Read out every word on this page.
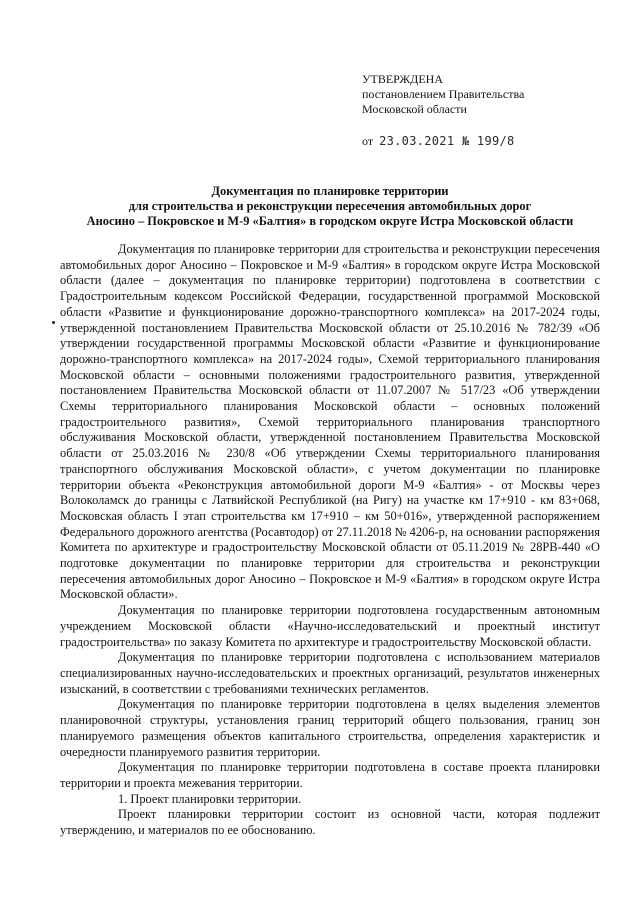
УТВЕРЖДЕНА
постановлением Правительства
Московской области
от 23.03.2021 № 199/8
Документация по планировке территории
для строительства и реконструкции пересечения автомобильных дорог
Аносино – Покровское и М-9 «Балтия» в городском округе Истра Московской области

Документация по планировке территории для строительства и реконструкции пересечения автомобильных дорог Аносино – Покровское и М-9 «Балтия» в городском округе Истра Московской области (далее – документация по планировке территории) подготовлена в соответствии с Градостроительным кодексом Российской Федерации, государственной программой Московской области «Развитие и функционирование дорожно-транспортного комплекса» на 2017-2024 годы, утвержденной постановлением Правительства Московской области от 25.10.2016 № 782/39 «Об утверждении государственной программы Московской области «Развитие и функционирование дорожно-транспортного комплекса» на 2017-2024 годы», Схемой территориального планирования Московской области – основными положениями градостроительного развития, утвержденной постановлением Правительства Московской области от 11.07.2007 № 517/23 «Об утверждении Схемы территориального планирования Московской области – основных положений градостроительного развития», Схемой территориального планирования транспортного обслуживания Московской области, утвержденной постановлением Правительства Московской области от 25.03.2016 № 230/8 «Об утверждении Схемы территориального планирования транспортного обслуживания Московской области», с учетом документации по планировке территории объекта «Реконструкция автомобильной дороги М-9 «Балтия» - от Москвы через Волоколамск до границы с Латвийской Республикой (на Ригу) на участке км 17+910 - км 83+068, Московская область I этап строительства км 17+910 – км 50+016», утвержденной распоряжением Федерального дорожного агентства (Росавтодор) от 27.11.2018 № 4206-р, на основании распоряжения Комитета по архитектуре и градостроительству Московской области от 05.11.2019 № 28РВ-440 «О подготовке документации по планировке территории для строительства и реконструкции пересечения автомобильных дорог Аносино – Покровское и М-9 «Балтия» в городском округе Истра Московской области».

Документация по планировке территории подготовлена государственным автономным учреждением Московской области «Научно-исследовательский и проектный институт градостроительства» по заказу Комитета по архитектуре и градостроительству Московской области.

Документация по планировке территории подготовлена с использованием материалов специализированных научно-исследовательских и проектных организаций, результатов инженерных изысканий, в соответствии с требованиями технических регламентов.

Документация по планировке территории подготовлена в целях выделения элементов планировочной структуры, установления границ территорий общего пользования, границ зон планируемого размещения объектов капитального строительства, определения характеристик и очередности планируемого развития территории.

Документация по планировке территории подготовлена в составе проекта планировки территории и проекта межевания территории.

1. Проект планировки территории.

Проект планировки территории состоит из основной части, которая подлежит утверждению, и материалов по ее обоснованию.
